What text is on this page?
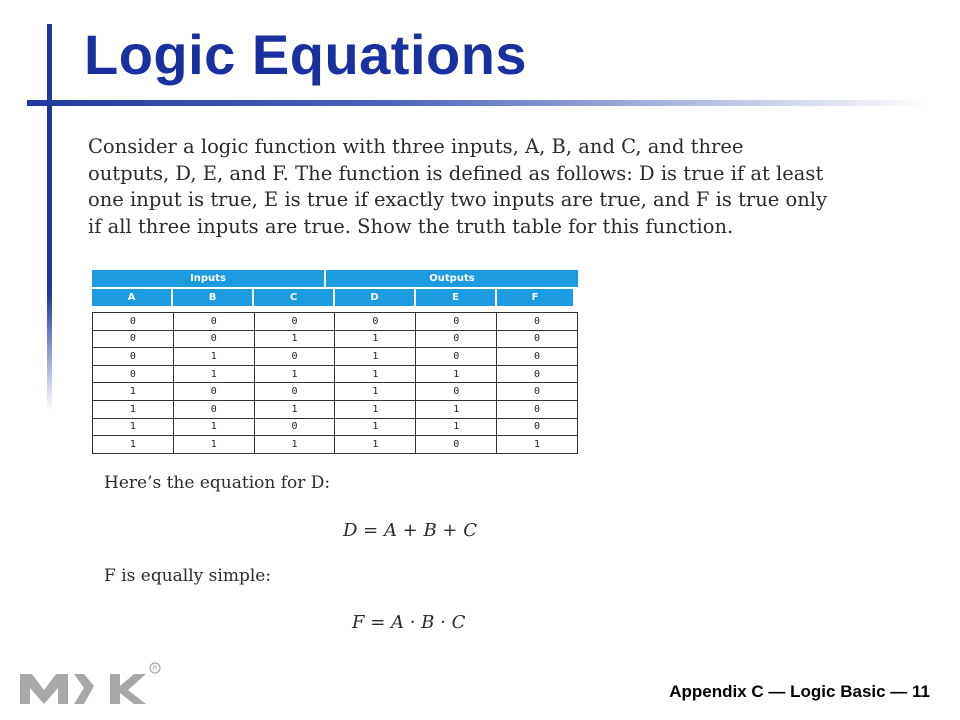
Logic Equations
Consider a logic function with three inputs, A, B, and C, and three outputs, D, E, and F. The function is defined as follows: D is true if at least one input is true, E is true if exactly two inputs are true, and F is true only if all three inputs are true. Show the truth table for this function.
Inputs	Outputs
A	B	C	D	E	F
0	0	0	0	0	0
0	0	1	1	0	0
0	1	0	1	0	0
0	1	1	1	1	0
1	0	0	1	0	0
1	0	1	1	1	0
1	1	0	1	1	0
1	1	1	1	0	1
Here’s the equation for D:
D = A + B + C
F is equally simple:
F = A · B · C
R
Appendix C — Logic Basic — 11
